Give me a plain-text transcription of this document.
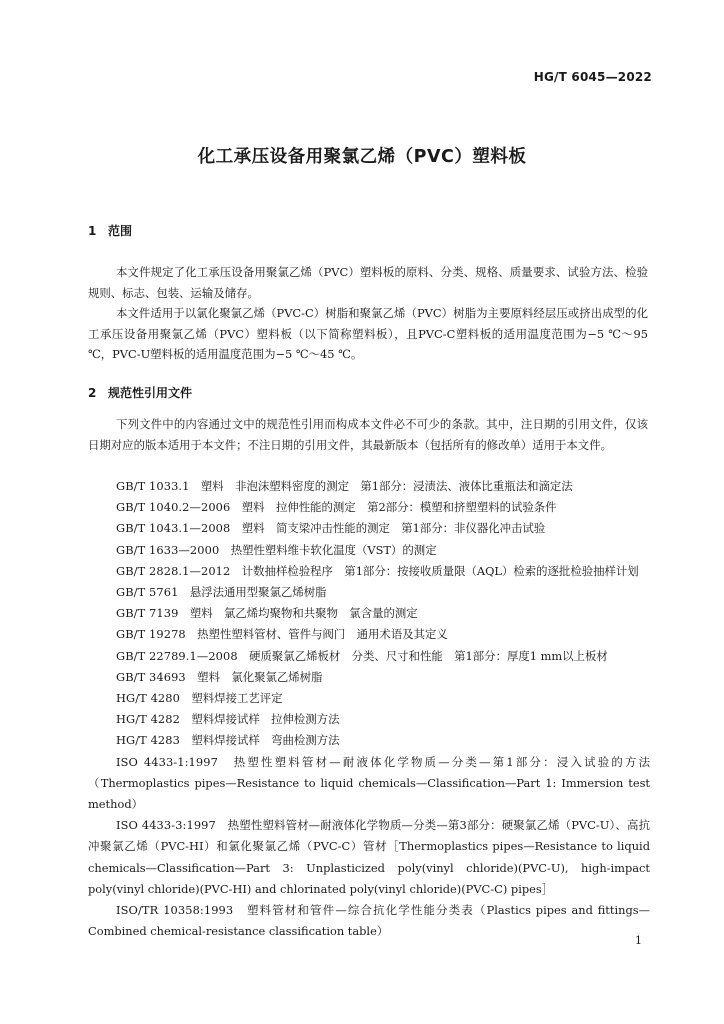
HG/T 6045—2022
化工承压设备用聚氯乙烯（PVC）塑料板
1 范围

本文件规定了化工承压设备用聚氯乙烯（PVC）塑料板的原料、分类、规格、质量要求、试验方法、检验规则、标志、包装、运输及储存。

本文件适用于以氯化聚氯乙烯（PVC-C）树脂和聚氯乙烯（PVC）树脂为主要原料经层压或挤出成型的化工承压设备用聚氯乙烯（PVC）塑料板（以下简称塑料板），且PVC-C塑料板的适用温度范围为−5 ℃～95 ℃，PVC-U塑料板的适用温度范围为−5 ℃～45 ℃。

2 规范性引用文件

下列文件中的内容通过文中的规范性引用而构成本文件必不可少的条款。其中，注日期的引用文件，仅该日期对应的版本适用于本文件；不注日期的引用文件，其最新版本（包括所有的修改单）适用于本文件。

GB/T 1033.1　 塑料　非泡沫塑料密度的测定　第1部分：浸渍法、液体比重瓶法和滴定法

GB/T 1040.2—2006　 塑料　拉伸性能的测定　第2部分：模塑和挤塑塑料的试验条件

GB/T 1043.1—2008　 塑料　简支梁冲击性能的测定　第1部分：非仪器化冲击试验

GB/T 1633—2000　 热塑性塑料维卡软化温度（VST）的测定

GB/T 2828.1—2012　 计数抽样检验程序　第1部分：按接收质量限（AQL）检索的逐批检验抽样计划

GB/T 5761　 悬浮法通用型聚氯乙烯树脂

GB/T 7139　 塑料　氯乙烯均聚物和共聚物　氯含量的测定

GB/T 19278　 热塑性塑料管材、管件与阀门　通用术语及其定义

GB/T 22789.1—2008　 硬质聚氯乙烯板材　分类、尺寸和性能　第1部分：厚度1 mm以上板材

GB/T 34693　 塑料　氯化聚氯乙烯树脂

HG/T 4280　 塑料焊接工艺评定

HG/T 4282　 塑料焊接试样　拉伸检测方法

HG/T 4283　 塑料焊接试样　弯曲检测方法

ISO 4433-1:1997　 热塑性塑料管材—耐液体化学物质—分类—第1部分：浸入试验的方法（Thermoplastics pipes—Resistance to liquid chemicals—Classification—Part 1: Immersion test method）

ISO 4433-3:1997　 热塑性塑料管材—耐液体化学物质—分类—第3部分：硬聚氯乙烯（PVC-U）、高抗冲聚氯乙烯（PVC-HI）和氯化聚氯乙烯（PVC-C）管材［Thermoplastics pipes—Resistance to liquid chemicals—Classification—Part 3: Unplasticized poly(vinyl chloride)(PVC-U), high-impact poly(vinyl chloride)(PVC-HI) and chlorinated poly(vinyl chloride)(PVC-C) pipes］

ISO/TR 10358:1993　 塑料管材和管件—综合抗化学性能分类表（Plastics pipes and fittings—Combined chemical-resistance classification table）

1
